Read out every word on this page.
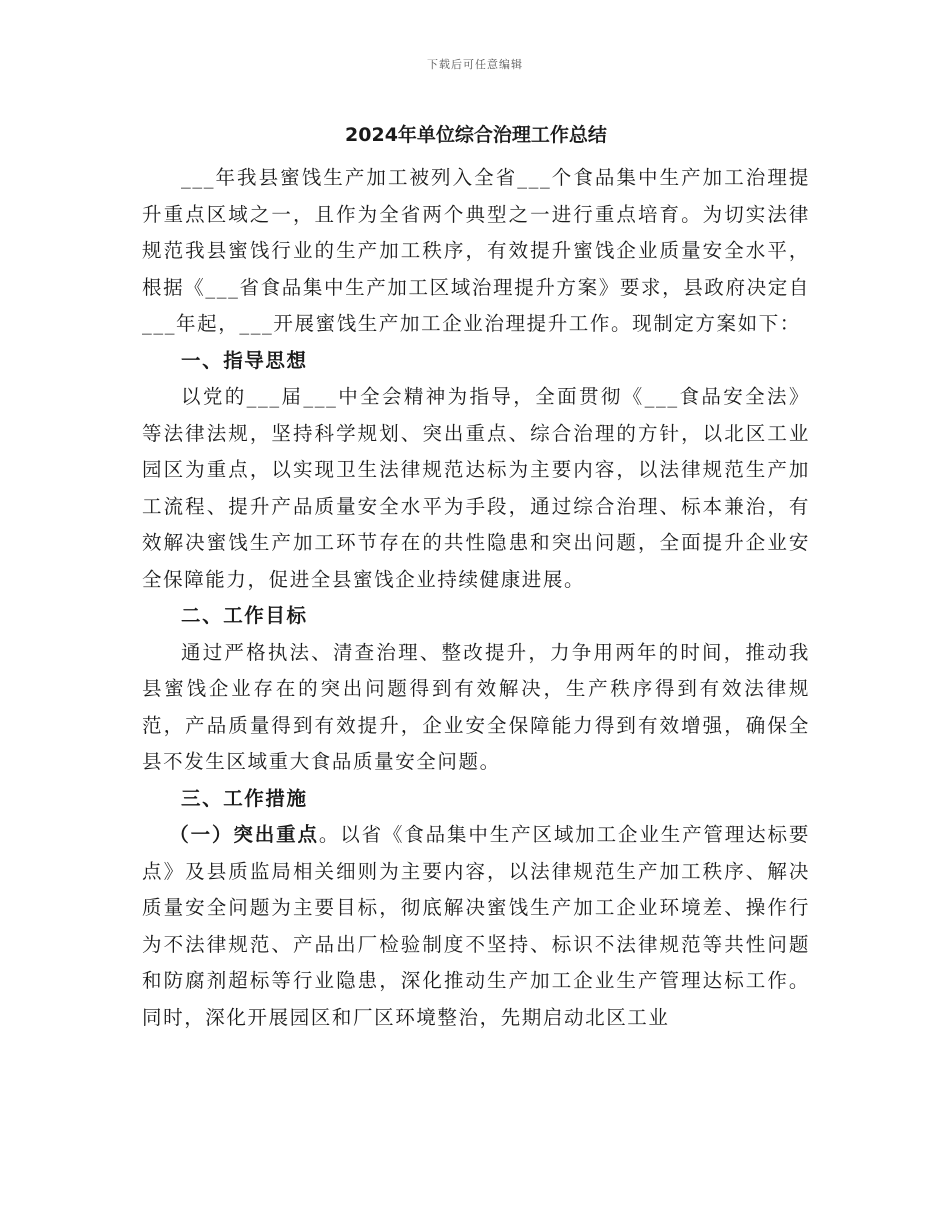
下载后可任意编辑
2024年单位综合治理工作总结

___年我县蜜饯生产加工被列入全省___个食品集中生产加工治理提升重点区域之一，且作为全省两个典型之一进行重点培育。为切实法律规范我县蜜饯行业的生产加工秩序，有效提升蜜饯企业质量安全水平，根据《___省食品集中生产加工区域治理提升方案》要求，县政府决定自___年起，___开展蜜饯生产加工企业治理提升工作。现制定方案如下：

一、指导思想

以党的___届___中全会精神为指导，全面贯彻《___食品安全法》等法律法规，坚持科学规划、突出重点、综合治理的方针，以北区工业园区为重点，以实现卫生法律规范达标为主要内容，以法律规范生产加工流程、提升产品质量安全水平为手段，通过综合治理、标本兼治，有效解决蜜饯生产加工环节存在的共性隐患和突出问题，全面提升企业安全保障能力，促进全县蜜饯企业持续健康进展。

二、工作目标

通过严格执法、清查治理、整改提升，力争用两年的时间，推动我县蜜饯企业存在的突出问题得到有效解决，生产秩序得到有效法律规范，产品质量得到有效提升，企业安全保障能力得到有效增强，确保全县不发生区域重大食品质量安全问题。

三、工作措施

（一）突出重点。以省《食品集中生产区域加工企业生产管理达标要点》及县质监局相关细则为主要内容，以法律规范生产加工秩序、解决质量安全问题为主要目标，彻底解决蜜饯生产加工企业环境差、操作行为不法律规范、产品出厂检验制度不坚持、标识不法律规范等共性问题和防腐剂超标等行业隐患，深化推动生产加工企业生产管理达标工作。同时，深化开展园区和厂区环境整治，先期启动北区工业
